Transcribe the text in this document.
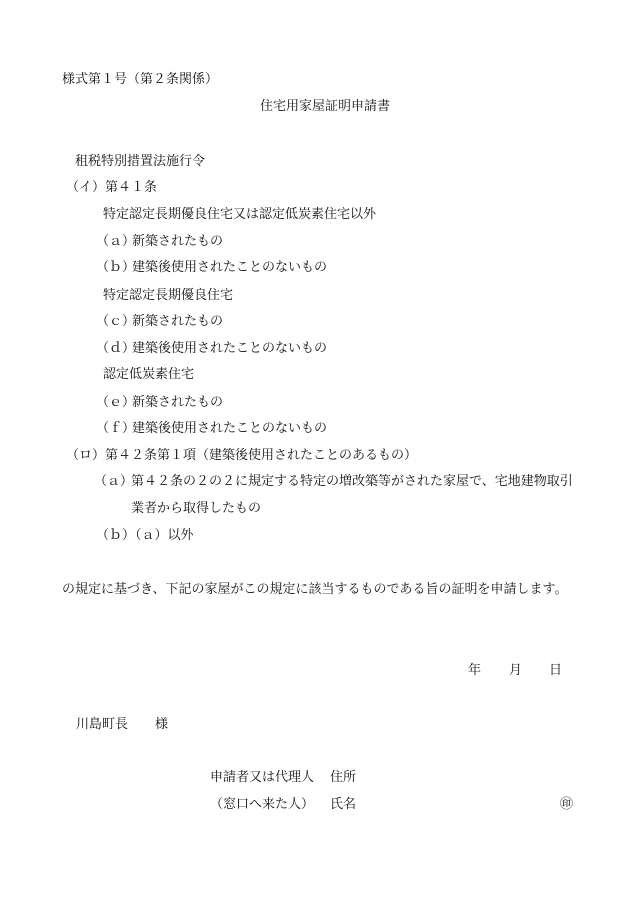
様式第１号（第２条関係）

住宅用家屋証明申請書

租税特別措置法施行令

（イ）第４１条

特定認定長期優良住宅又は認定低炭素住宅以外

（ａ）新築されたもの

（ｂ）建築後使用されたことのないもの

特定認定長期優良住宅

（ｃ）新築されたもの

（ｄ）建築後使用されたことのないもの

認定低炭素住宅

（ｅ）新築されたもの

（ｆ）建築後使用されたことのないもの

（ロ）第４２条第１項（建築後使用されたことのあるもの）

（ａ）

第４２条の２の２に規定する特定の増改築等がされた家屋で、宅地建物取引

業者から取得したもの

（ｂ）（ａ）以外

の規定に基づき、下記の家屋がこの規定に該当するものである旨の証明を申請します。

年 月 日

川島町長 様

申請者又は代理人 住所

（窓口へ来た人） 氏名	㊞
